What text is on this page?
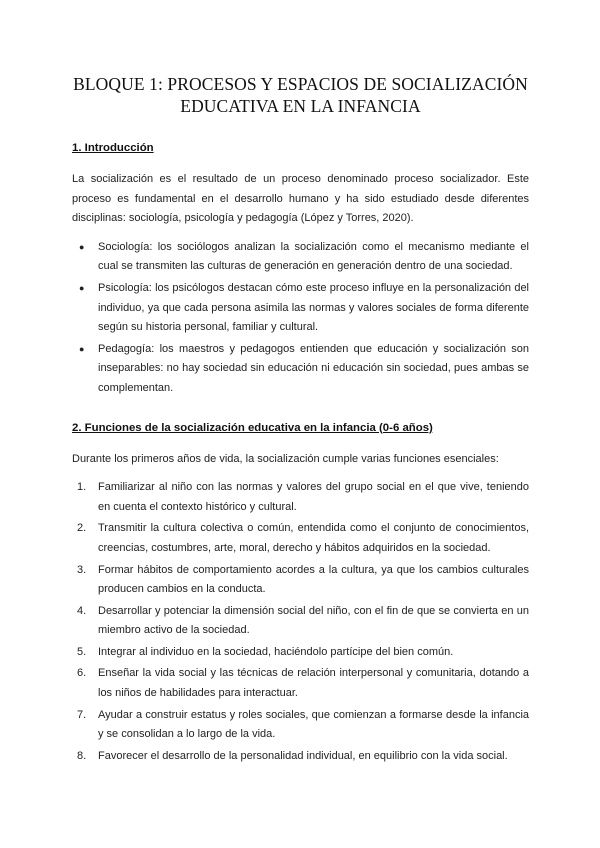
BLOQUE 1: PROCESOS Y ESPACIOS DE SOCIALIZACIÓN
EDUCATIVA EN LA INFANCIA
1. Introducción

La socialización es el resultado de un proceso denominado proceso socializador. Este proceso es fundamental en el desarrollo humano y ha sido estudiado desde diferentes disciplinas: sociología, psicología y pedagogía (López y Torres, 2020).

● Sociología: los sociólogos analizan la socialización como el mecanismo mediante el cual se transmiten las culturas de generación en generación dentro de una sociedad.
● Psicología: los psicólogos destacan cómo este proceso influye en la personalización del individuo, ya que cada persona asimila las normas y valores sociales de forma diferente según su historia personal, familiar y cultural.
● Pedagogía: los maestros y pedagogos entienden que educación y socialización son inseparables: no hay sociedad sin educación ni educación sin sociedad, pues ambas se complementan.
2. Funciones de la socialización educativa en la infancia (0-6 años)

Durante los primeros años de vida, la socialización cumple varias funciones esenciales:

1. Familiarizar al niño con las normas y valores del grupo social en el que vive, teniendo en cuenta el contexto histórico y cultural.
2. Transmitir la cultura colectiva o común, entendida como el conjunto de conocimientos, creencias, costumbres, arte, moral, derecho y hábitos adquiridos en la sociedad.
3. Formar hábitos de comportamiento acordes a la cultura, ya que los cambios culturales producen cambios en la conducta.
4. Desarrollar y potenciar la dimensión social del niño, con el fin de que se convierta en un miembro activo de la sociedad.
5. Integrar al individuo en la sociedad, haciéndolo partícipe del bien común.
6. Enseñar la vida social y las técnicas de relación interpersonal y comunitaria, dotando a los niños de habilidades para interactuar.
7. Ayudar a construir estatus y roles sociales, que comienzan a formarse desde la infancia y se consolidan a lo largo de la vida.
8. Favorecer el desarrollo de la personalidad individual, en equilibrio con la vida social.
